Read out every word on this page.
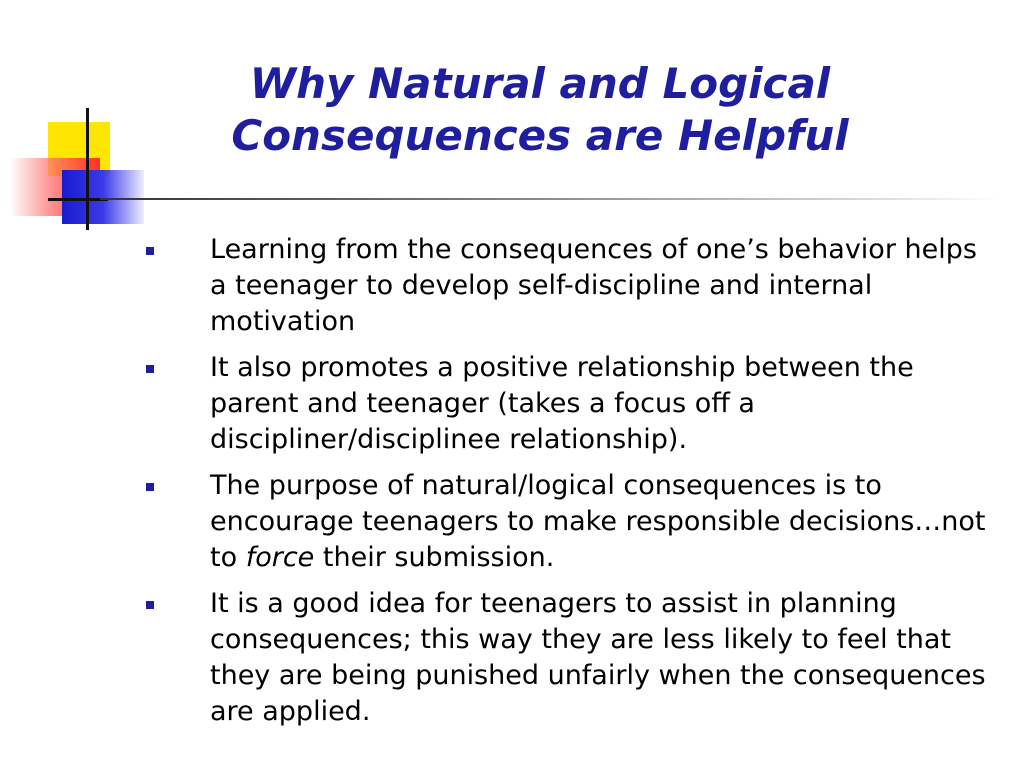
Why Natural and Logical
Consequences are Helpful
Learning from the consequences of one’s behavior helps a teenager to develop self-discipline and internal motivation
It also promotes a positive relationship between the parent and teenager (takes a focus off a discipliner/disciplinee relationship).
The purpose of natural/logical consequences is to encourage teenagers to make responsible decisions…not to force their submission.
It is a good idea for teenagers to assist in planning consequences; this way they are less likely to feel that they are being punished unfairly when the consequences are applied.
